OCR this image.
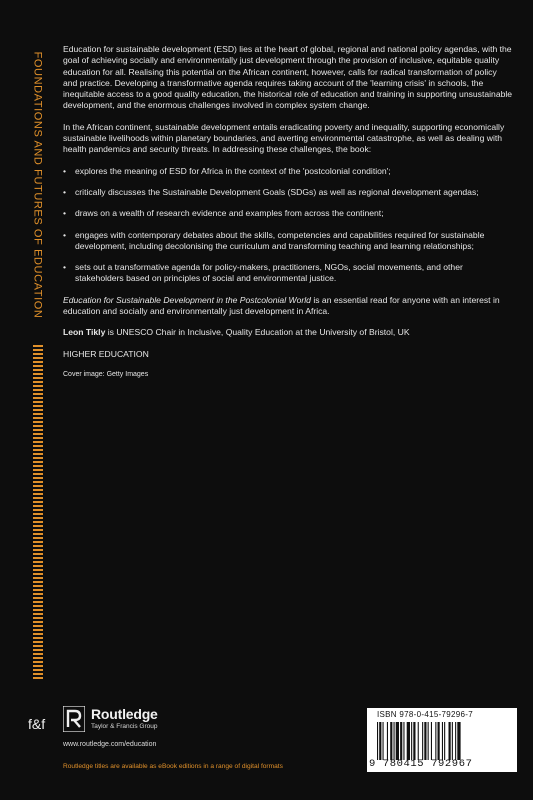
FOUNDATIONS AND FUTURES OF EDUCATION
f&f

Education for sustainable development (ESD) lies at the heart of global, regional and national policy agendas, with the goal of achieving socially and environmentally just development through the provision of inclusive, equitable quality education for all. Realising this potential on the African continent, however, calls for radical transformation of policy and practice. Developing a transformative agenda requires taking account of the 'learning crisis' in schools, the inequitable access to a good quality education, the historical role of education and training in supporting unsustainable development, and the enormous challenges involved in complex system change.

In the African continent, sustainable development entails eradicating poverty and inequality, supporting economically sustainable livelihoods within planetary boundaries, and averting environmental catastrophe, as well as dealing with health pandemics and security threats. In addressing these challenges, the book:

• explores the meaning of ESD for Africa in the context of the 'postcolonial condition';
• critically discusses the Sustainable Development Goals (SDGs) as well as regional development agendas;
• draws on a wealth of research evidence and examples from across the continent;
• engages with contemporary debates about the skills, competencies and capabilities required for sustainable development, including decolonising the curriculum and transforming teaching and learning relationships;
• sets out a transformative agenda for policy-makers, practitioners, NGOs, social movements, and other stakeholders based on principles of social and environmental justice.

Education for Sustainable Development in the Postcolonial World is an essential read for anyone with an interest in education and socially and environmentally just development in Africa.

Leon Tikly is UNESCO Chair in Inclusive, Quality Education at the University of Bristol, UK

HIGHER EDUCATION

Cover image: Getty Images

Routledge
Taylor & Francis Group
www.routledge.com/education
ISBN 978-0-415-79296-7
9 780415 792967
Routledge titles are available as eBook editions in a range of digital formats
